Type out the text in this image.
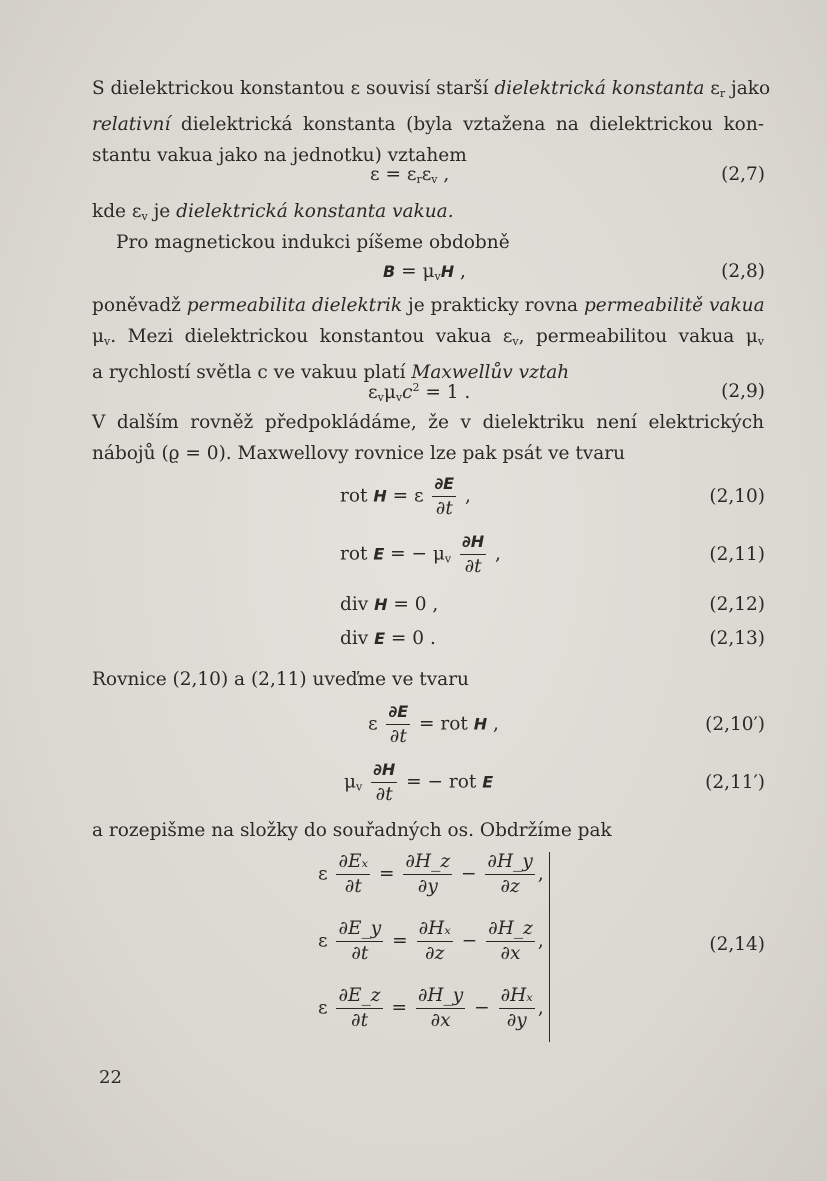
S dielektrickou konstantou ε souvisí starší dielektrická konstanta $\varepsilon_r$ jako
relativní dielektrická konstanta (byla vztažena na dielektrickou kon-
stantu vakua jako na jednotku) vztahem
$\varepsilon = \varepsilon_r\varepsilon_v$ ,	(2,7)
kde $\varepsilon_v$ je dielektrická konstanta vakua.
Pro magnetickou indukci píšeme obdobně
$B = \mu_vH$ ,	(2,8)
poněvadž permeabilita dielektrik je prakticky rovna permeabilitě vakua
$\mu_v$. Mezi dielektrickou konstantou vakua $\varepsilon_v$, permeabilitou vakua $\mu_v$
a rychlostí světla c ve vakuu platí Maxwellův vztah
$\varepsilon_v\mu_vc^2 = 1$ .	(2,9)
V dalším rovněž předpokládáme, že v dielektriku není elektrických
nábojů (ϱ = 0). Maxwellovy rovnice lze pak psát ve tvaru
rot H = ε $\frac{\partial E}{\partial t}$ ,	(2,10)
rot E = − $\mu_v \frac{\partial H}{\partial t}$ ,	(2,11)
div H = 0 ,	(2,12)
div E = 0 .	(2,13)
Rovnice (2,10) a (2,11) uveďme ve tvaru
ε $\frac{\partial E}{\partial t}$ = rot H ,	(2,10′)
$\mu_v \frac{\partial H}{\partial t}$ = − rot E	(2,11′)
a rozepišme na složky do souřadných os. Obdržíme pak
ε $\frac{\text{∂Eₓ}}{\partial t} = \frac{\partial H\_z}{\partial y} - \frac{\partial H\_y}{\partial z}$ ,
ε $\frac{\partial E\_y}{\partial t} = \frac{\text{∂Hₓ}}{\partial z} - \frac{\partial H\_z}{\partial x}$ ,
ε $\frac{\partial E\_z}{\partial t} = \frac{\partial H\_y}{\partial x} - \frac{\text{∂Hₓ}}{\partial y}$ ,
(2,14)
22
